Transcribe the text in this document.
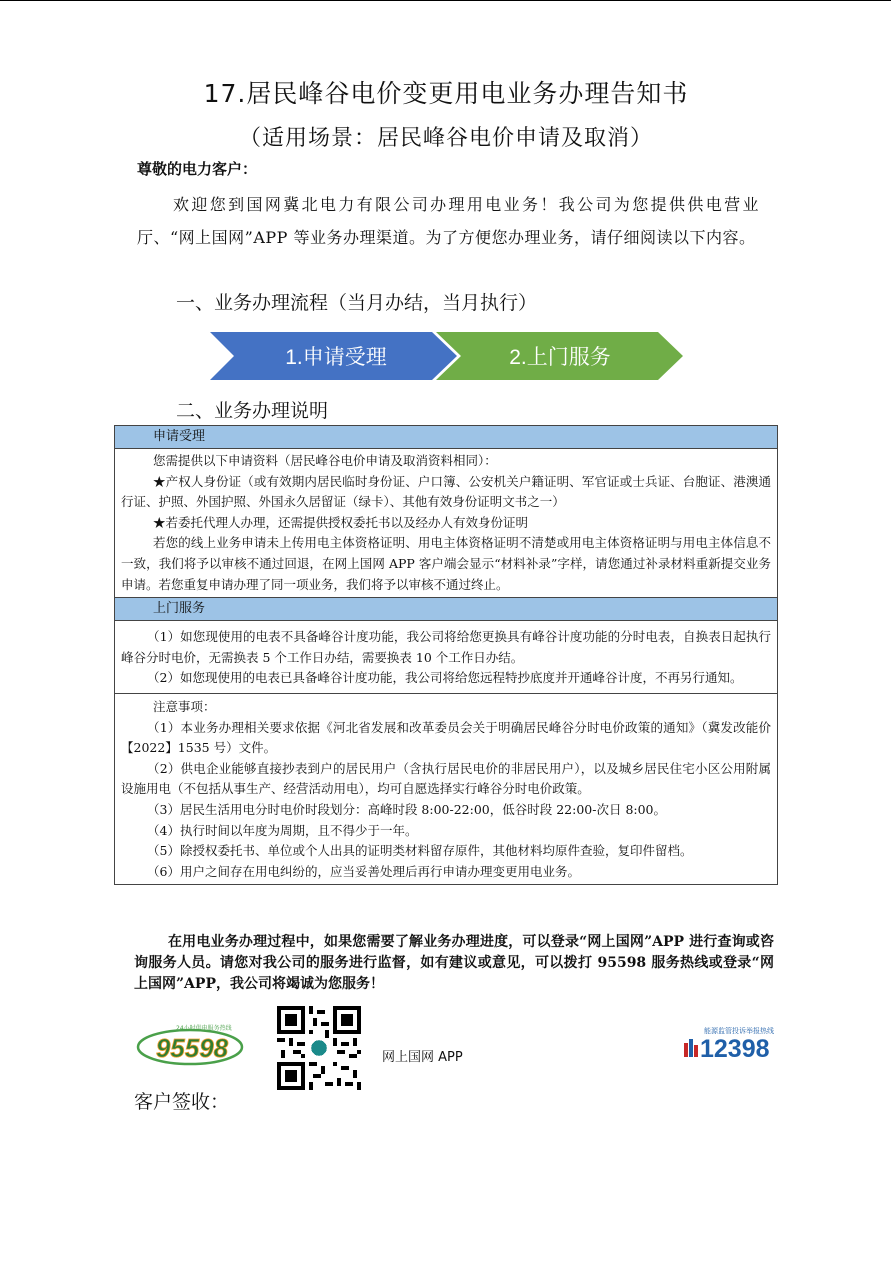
17.居民峰谷电价变更用电业务办理告知书
（适用场景：居民峰谷电价申请及取消）
尊敬的电力客户：
欢迎您到国网冀北电力有限公司办理用电业务！我公司为您提供供电营业厅、“网上国网”APP 等业务办理渠道。为了方便您办理业务，请仔细阅读以下内容。
一、业务办理流程（当月办结，当月执行）
1.申请受理	2.上门服务
二、业务办理说明
申请受理

您需提供以下申请资料（居民峰谷电价申请及取消资料相同）：
★产权人身份证（或有效期内居民临时身份证、户口簿、公安机关户籍证明、军官证或士兵证、台胞证、港澳通行证、护照、外国护照、外国永久居留证（绿卡）、其他有效身份证明文书之一）
★若委托代理人办理，还需提供授权委托书以及经办人有效身份证明
若您的线上业务申请未上传用电主体资格证明、用电主体资格证明不清楚或用电主体资格证明与用电主体信息不一致，我们将予以审核不通过回退，在网上国网 APP 客户端会显示“材料补录”字样，请您通过补录材料重新提交业务申请。若您重复申请办理了同一项业务，我们将予以审核不通过终止。

上门服务

（1）如您现使用的电表不具备峰谷计度功能，我公司将给您更换具有峰谷计度功能的分时电表，自换表日起执行峰谷分时电价，无需换表 5 个工作日办结，需要换表 10 个工作日办结。
（2）如您现使用的电表已具备峰谷计度功能，我公司将给您远程特抄底度并开通峰谷计度，不再另行通知。

注意事项：
（1）本业务办理相关要求依据《河北省发展和改革委员会关于明确居民峰谷分时电价政策的通知》（冀发改能价【2022】1535 号）文件。
（2）供电企业能够直接抄表到户的居民用户（含执行居民电价的非居民用户），以及城乡居民住宅小区公用附属设施用电（不包括从事生产、经营活动用电），均可自愿选择实行峰谷分时电价政策。
（3）居民生活用电分时电价时段划分：高峰时段 8:00-22:00，低谷时段 22:00-次日 8:00。
（4）执行时间以年度为周期，且不得少于一年。
（5）除授权委托书、单位或个人出具的证明类材料留存原件，其他材料均原件查验，复印件留档。
（6）用户之间存在用电纠纷的，应当妥善处理后再行申请办理变更用电业务。
在用电业务办理过程中，如果您需要了解业务办理进度，可以登录“网上国网”APP 进行查询或咨询服务人员。请您对我公司的服务进行监督，如有建议或意见，可以拨打 95598 服务热线或登录“网上国网”APP，我公司将竭诚为您服务！
24小时供电服务热线
95598	网上国网 APP
能源监管投诉举报热线
12398
客户签收：
